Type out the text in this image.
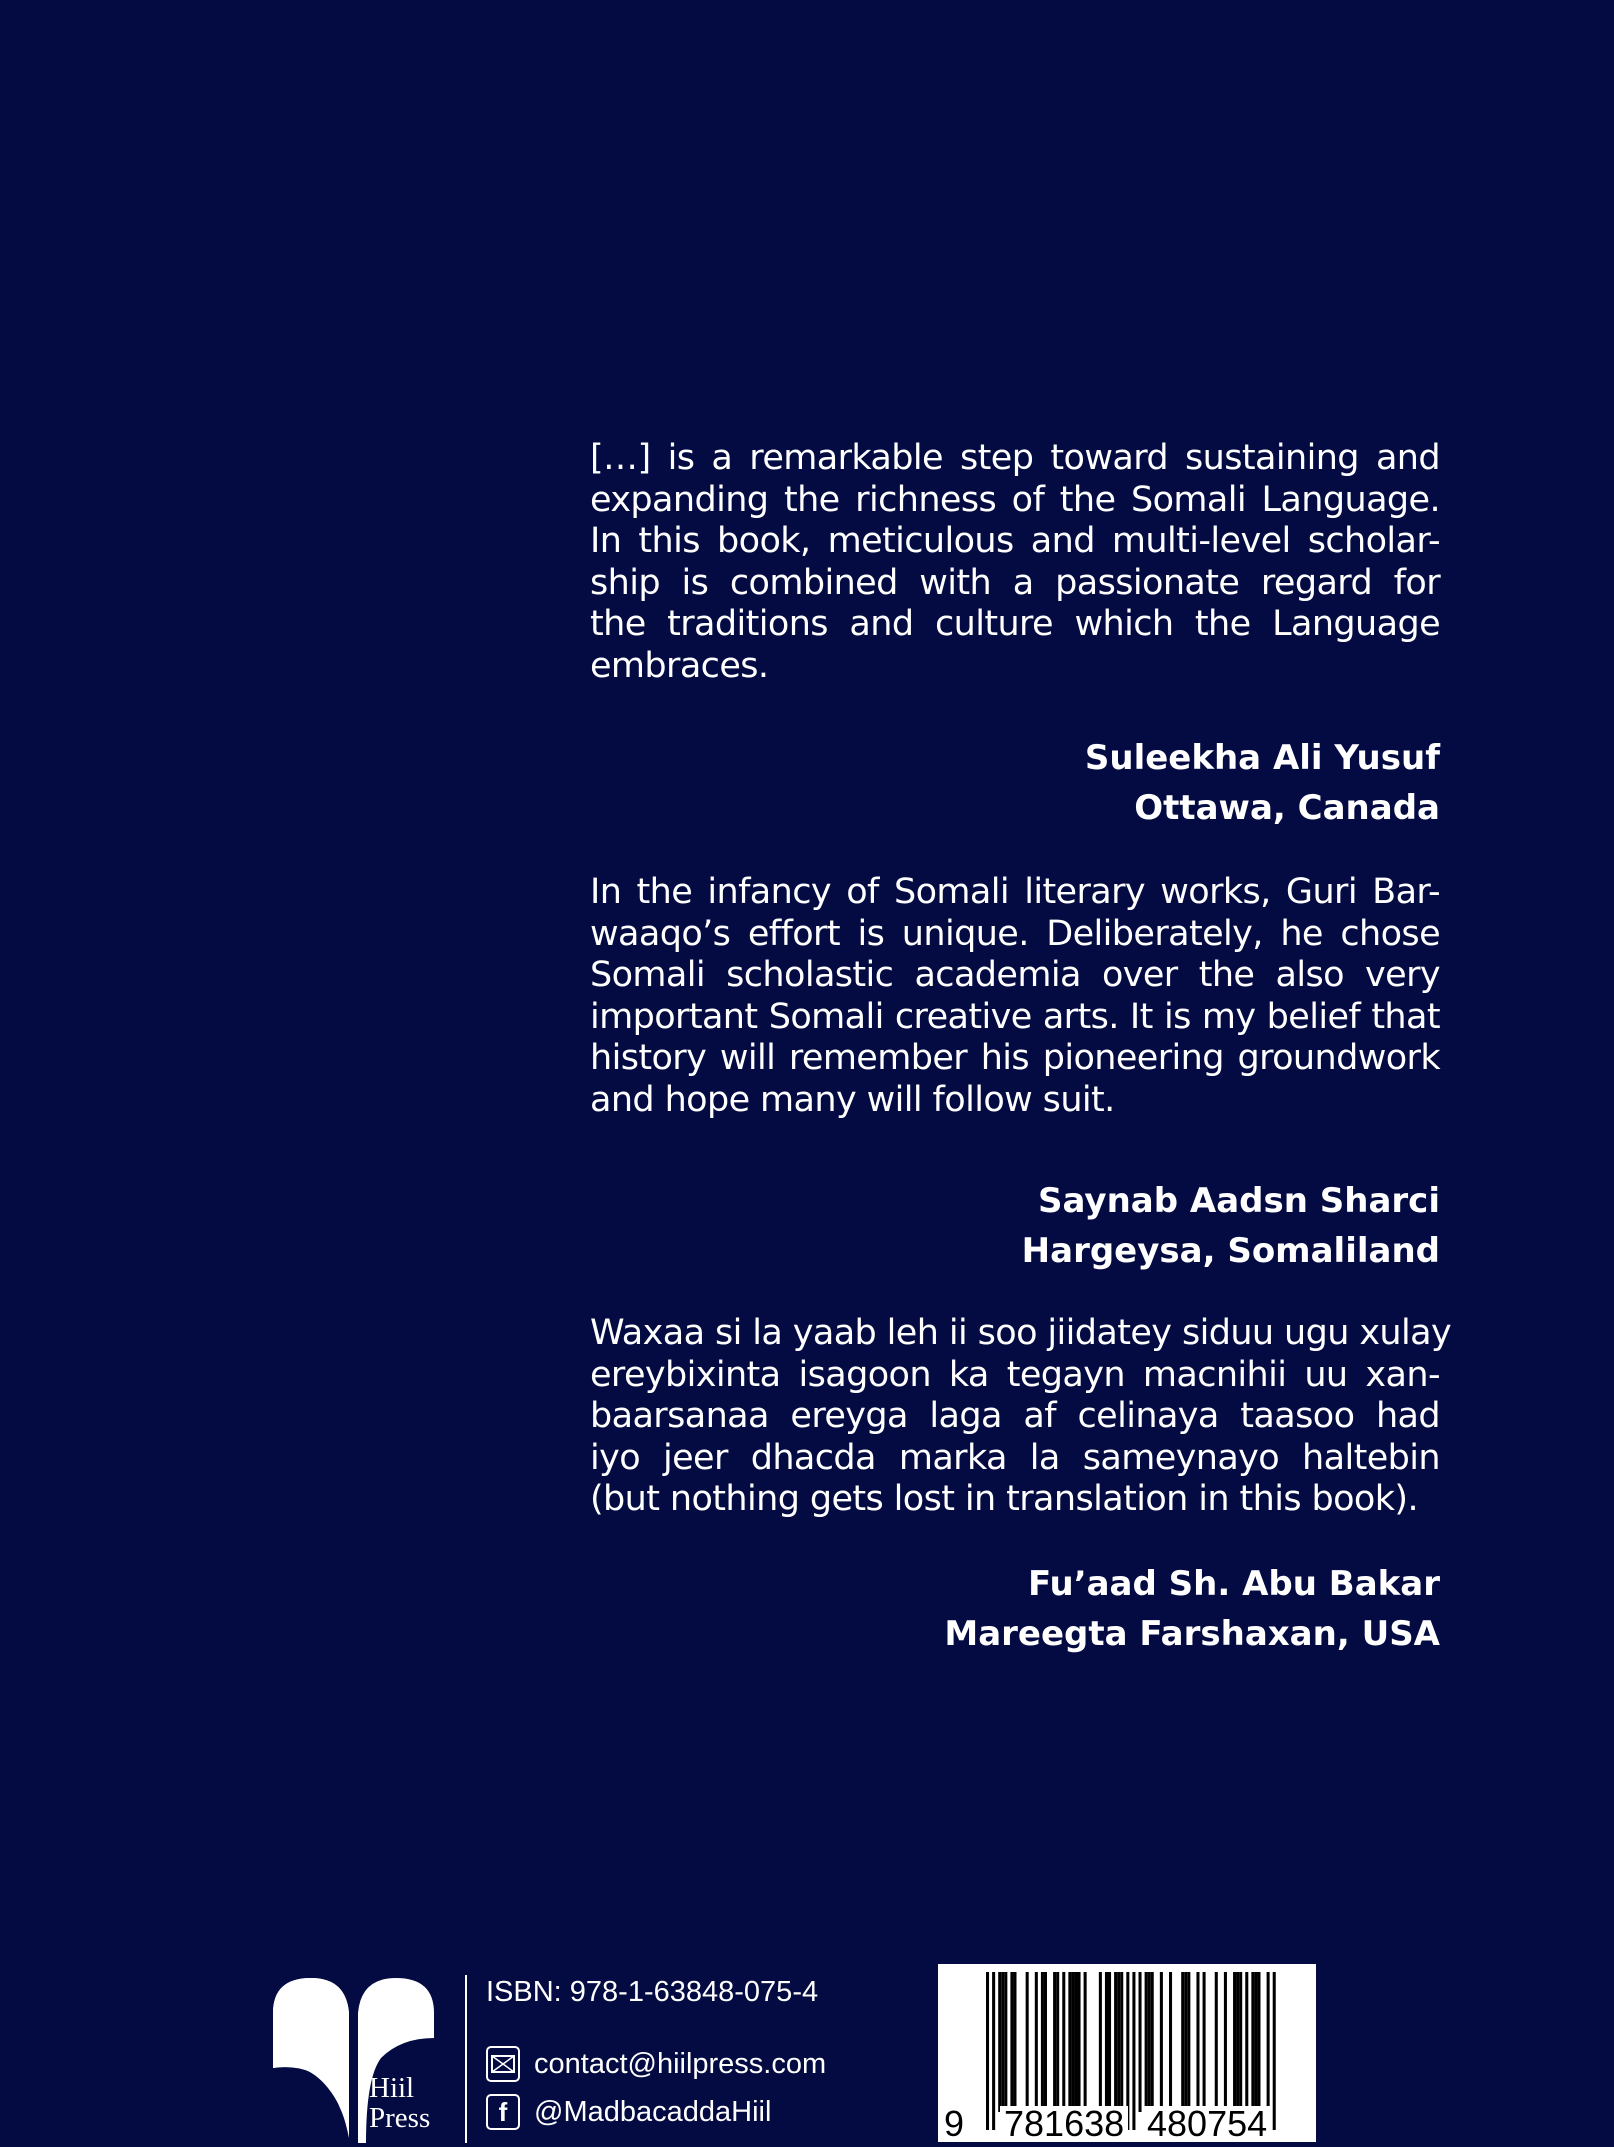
[…] is a remarkable step toward sustaining and
expanding the richness of the Somali Language.
In this book, meticulous and multi-level scholar-
ship is combined with a passionate regard for
the traditions and culture which the Language
embraces.
Suleekha Ali Yusuf
Ottawa, Canada
In the infancy of Somali literary works, Guri Bar-
waaqo’s effort is unique. Deliberately, he chose
Somali scholastic academia over the also very
important Somali creative arts. It is my belief that
history will remember his pioneering groundwork
and hope many will follow suit.
Saynab Aadsn Sharci
Hargeysa, Somaliland
Waxaa si la yaab leh ii soo jiidatey siduu ugu xulay
ereybixinta isagoon ka tegayn macnihii uu xan-
baarsanaa ereyga laga af celinaya taasoo had
iyo jeer dhacda marka la sameynayo haltebin
(but nothing gets lost in translation in this book).
Fu’aad Sh. Abu Bakar
Mareegta Farshaxan, USA
Hiil
Press
ISBN: 978-1-63848-075-4
contact@hiilpress.com
f @MadbacaddaHiil	9 781638 480754
